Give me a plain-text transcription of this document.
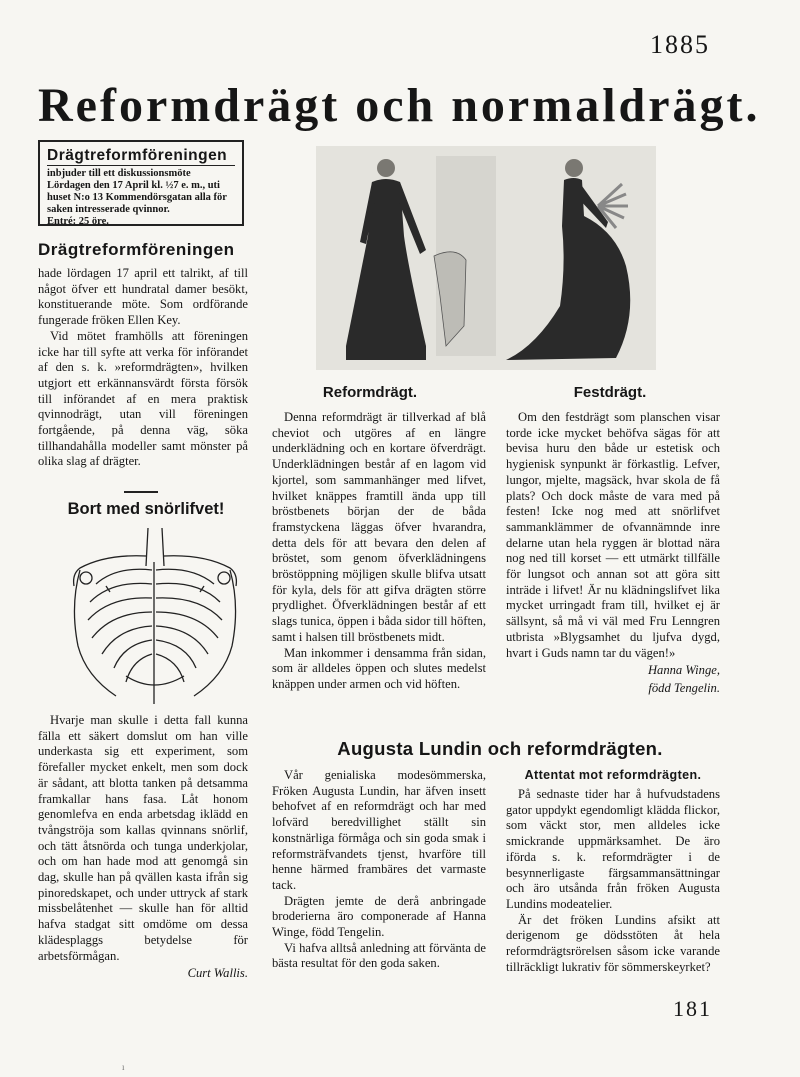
1885
Reformdrägt och normaldrägt.
Drägtreformföreningen
inbjuder till ett diskussionsmöte Lördagen den 17 April kl. ½7 e. m., uti huset N:o 13 Kommendörsgatan alla för saken intresserade qvinnor.
Entré: 25 öre.
Drägtreformföreningen

hade lördagen 17 april ett talrikt, af till något öfver ett hundratal damer besökt, konstituerande möte. Som ordförande fungerade fröken Ellen Key.

Vid mötet framhölls att föreningen icke har till syfte att verka för införandet af den s. k. »reformdrägten», hvilken utgjort ett erkännansvärdt första försök till införandet af en mera praktisk qvinnodrägt, utan vill föreningen fortgående, på denna väg, söka tillhandahålla modeller samt mönster på olika slag af drägter.

Bort med snörlifvet!

Hvarje man skulle i detta fall kunna fälla ett säkert domslut om han ville underkasta sig ett experiment, som förefaller mycket enkelt, men som dock är sådant, att blotta tanken på detsamma framkallar hans fasa. Låt honom genomlefva en enda arbetsdag iklädd en tvångströja som kallas qvinnans snörlif, och tätt åtsnörda och tunga underkjolar, och om han hade mod att genomgå sin dag, skulle han på qvällen kasta ifrån sig pinoredskapet, och under uttryck af stark missbelåtenhet — skulle han för alltid hafva stadgat sitt omdöme om dessa klädesplaggs betydelse för arbetsförmågan.

Curt Wallis.
Reformdrägt.	Festdrägt.

Denna reformdrägt är tillverkad af blå cheviot och utgöres af en längre underklädning och en kortare öfverdrägt. Underklädningen består af en lagom vid kjortel, som sammanhänger med lifvet, hvilket knäppes framtill ända upp till bröstbenets början der de båda framstyckena läggas öfver hvarandra, detta dels för att bevara den delen af bröstet, som genom öfverklädningens bröstöppning möjligen skulle blifva utsatt för kyla, dels för att gifva drägten större prydlighet. Öfverklädningen består af ett slags tunica, öppen i båda sidor till höften, samt i halsen till bröstbenets midt.

Man inkommer i densamma från sidan, som är alldeles öppen och slutes medelst knäppen under armen och vid höften.

Om den festdrägt som planschen visar torde icke mycket behöfva sägas för att bevisa huru den både ur estetisk och hygienisk synpunkt är förkastlig. Lefver, lungor, mjelte, magsäck, hvar skola de få plats? Och dock måste de vara med på festen! Icke nog med att snörlifvet sammanklämmer de ofvannämnde inre delarne utan hela ryggen är blottad nära nog ned till korset — ett utmärkt tillfälle för lungsot och annan sot att göra sitt inträde i lifvet! Är nu klädningslifvet lika mycket urringadt fram till, hvilket ej är sällsynt, så må vi väl med Fru Lenngren utbrista »Blygsamhet du ljufva dygd, hvart i Guds namn tar du vägen!»

Hanna Winge,
född Tengelin.
Augusta Lundin och reformdrägten.

Vår genialiska modesömmerska, Fröken Augusta Lundin, har äfven insett behofvet af en reformdrägt och har med lofvärd beredvillighet ställt sin konstnärliga förmåga och sin goda smak i reformsträfvandets tjenst, hvarföre till henne härmed frambäres det varmaste tack.

Drägten jemte de derå anbringade broderierna äro componerade af Hanna Winge, född Tengelin.

Vi hafva alltså anledning att förvänta de bästa resultat för den goda saken.

Attentat mot reformdrägten.

På sednaste tider har å hufvudstadens gator uppdykt egendomligt klädda flickor, som väckt stor, men alldeles icke smickrande uppmärksamhet. De äro iförda s. k. reformdrägter i de besynnerligaste färgsammansättningar och äro utsånda från fröken Augusta Lundins modeatelier.

Är det fröken Lundins afsikt att derigenom ge dödsstöten åt hela reformdrägtsrörelsen såsom icke varande tillräckligt lukrativ för sömmerskeyrket?

181
ı
